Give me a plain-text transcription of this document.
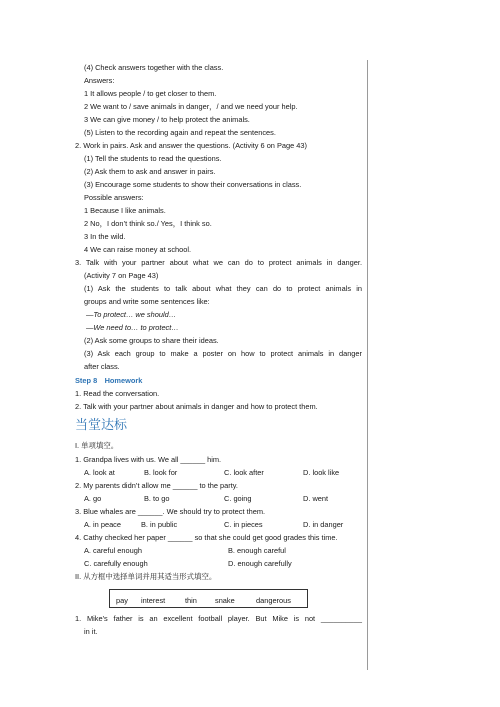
(4) Check answers together with the class.
Answers:
1 It allows people / to get closer to them.
2 We want to / save animals in danger，/ and we need your help.
3 We can give money / to help protect the animals.
(5) Listen to the recording again and repeat the sentences.
2. Work in pairs. Ask and answer the questions. (Activity 6 on Page 43)
(1) Tell the students to read the questions.
(2) Ask them to ask and answer in pairs.
(3) Encourage some students to show their conversations in class.
Possible answers:
1 Because I like animals.
2 No，I don’t think so./ Yes，I think so.
3 In the wild.
4 We can raise money at school.
3. Talk with your partner about what we can do to protect animals in danger.
(Activity 7 on Page 43)
(1) Ask the students to talk about what they can do to protect animals in
groups and write some sentences like:
—To protect… we should…
—We need to… to protect…
(2) Ask some groups to share their ideas.
(3) Ask each group to make a poster on how to protect animals in danger
after class.
Step 8　Homework
1. Read the conversation.
2. Talk with your partner about animals in danger and how to protect them.
当堂达标
I. 单项填空。
1. Grandpa lives with us. We all ______ him.
A. look at	B. look for	C. look after	D. look like
2. My parents didn’t allow me ______ to the party.
A. go	B. to go	C. going	D. went
3. Blue whales are ______. We should try to protect them.
A. in peace	B. in public	C. in pieces	D. in danger
4. Cathy checked her paper ______ so that she could get good grades this time.
A. careful enough	B. enough careful
C. carefully enough	D. enough carefully
II. 从方框中选择单词并用其适当形式填空。
pay interest	thin snake	dangerous
1. Mike’s father is an excellent football player. But Mike is not __________
in it.
